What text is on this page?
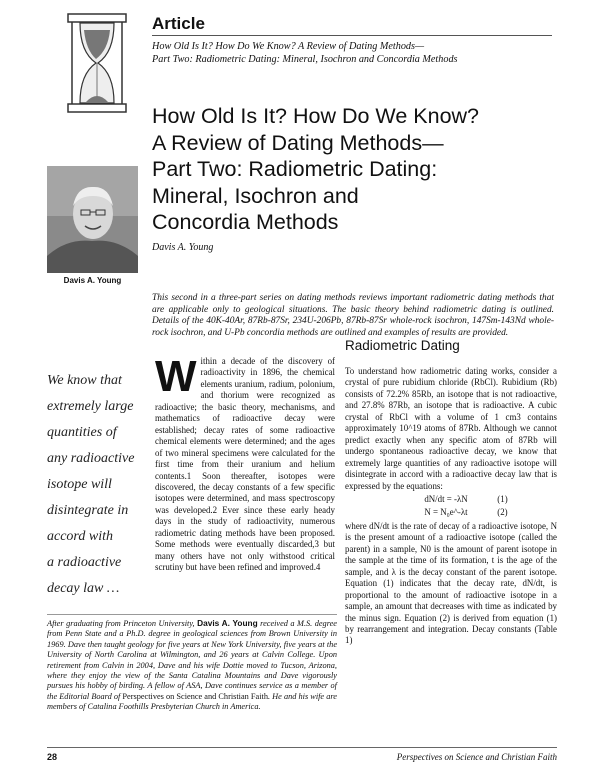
Article
How Old Is It? How Do We Know? A Review of Dating Methods—
Part Two: Radiometric Dating: Mineral, Isochron and Concordia Methods
How Old Is It? How Do We Know?
A Review of Dating Methods—
Part Two: Radiometric Dating:
Mineral, Isochron and
Concordia Methods
Davis A. Young
Davis A. Young
This second in a three-part series on dating methods reviews important radiometric dating methods that are applicable only to geological situations. The basic theory behind radiometric dating is outlined. Details of the 40K-40Ar, 87Rb-87Sr, 234U-206Pb, 87Rb-87Sr whole-rock isochron, 147Sm-143Nd whole-rock isochron, and U-Pb concordia methods are outlined and examples of results are provided.
We know that
extremely large
quantities of
any radioactive
isotope will
disintegrate in
accord with
a radioactive
decay law …

Within a decade of the discovery of radioactivity in 1896, the chemical elements uranium, radium, polonium, and thorium were recognized as radioactive; the basic theory, mechanisms, and mathematics of radioactive decay were established; decay rates of some radioactive chemical elements were determined; and the ages of two mineral specimens were calculated for the first time from their uranium and helium contents.1 Soon thereafter, isotopes were discovered, the decay constants of a few specific isotopes were determined, and mass spectroscopy was developed.2 Ever since these early heady days in the study of radioactivity, numerous radiometric dating methods have been proposed. Some methods were eventually discarded,3 but many others have not only withstood critical scrutiny but have been refined and improved.4

Radiometric Dating

To understand how radiometric dating works, consider a crystal of pure rubidium chloride (RbCl). Rubidium (Rb) consists of 72.2% 85Rb, an isotope that is not radioactive, and 27.8% 87Rb, an isotope that is radioactive. A cubic crystal of RbCl with a volume of 1 cm3 contains approximately 10^19 atoms of 87Rb. Although we cannot predict exactly when any specific atom of 87Rb will undergo spontaneous radioactive decay, we know that extremely large quantities of any radioactive isotope will disintegrate in accord with a radioactive decay law that is expressed by the equations:

dN/dt = -λN	(1)
N = N₀e^-λt	(2)

where dN/dt is the rate of decay of a radioactive isotope, N is the present amount of a radioactive isotope (called the parent) in a sample, N0 is the amount of parent isotope in the sample at the time of its formation, t is the age of the sample, and λ is the decay constant of the parent isotope. Equation (1) indicates that the decay rate, dN/dt, is proportional to the amount of radioactive isotope in a sample, an amount that decreases with time as indicated by the minus sign. Equation (2) is derived from equation (1) by rearrangement and integration. Decay constants (Table 1)

After graduating from Princeton University, Davis A. Young received a M.S. degree from Penn State and a Ph.D. degree in geological sciences from Brown University in 1969. Dave then taught geology for five years at New York University, five years at the University of North Carolina at Wilmington, and 26 years at Calvin College. Upon retirement from Calvin in 2004, Dave and his wife Dottie moved to Tucson, Arizona, where they enjoy the view of the Santa Catalina Mountains and Dave vigorously pursues his hobby of birding. A fellow of ASA, Dave continues service as a member of the Editorial Board of Perspectives on Science and Christian Faith. He and his wife are members of Catalina Foothills Presbyterian Church in America.
28	Perspectives on Science and Christian Faith
